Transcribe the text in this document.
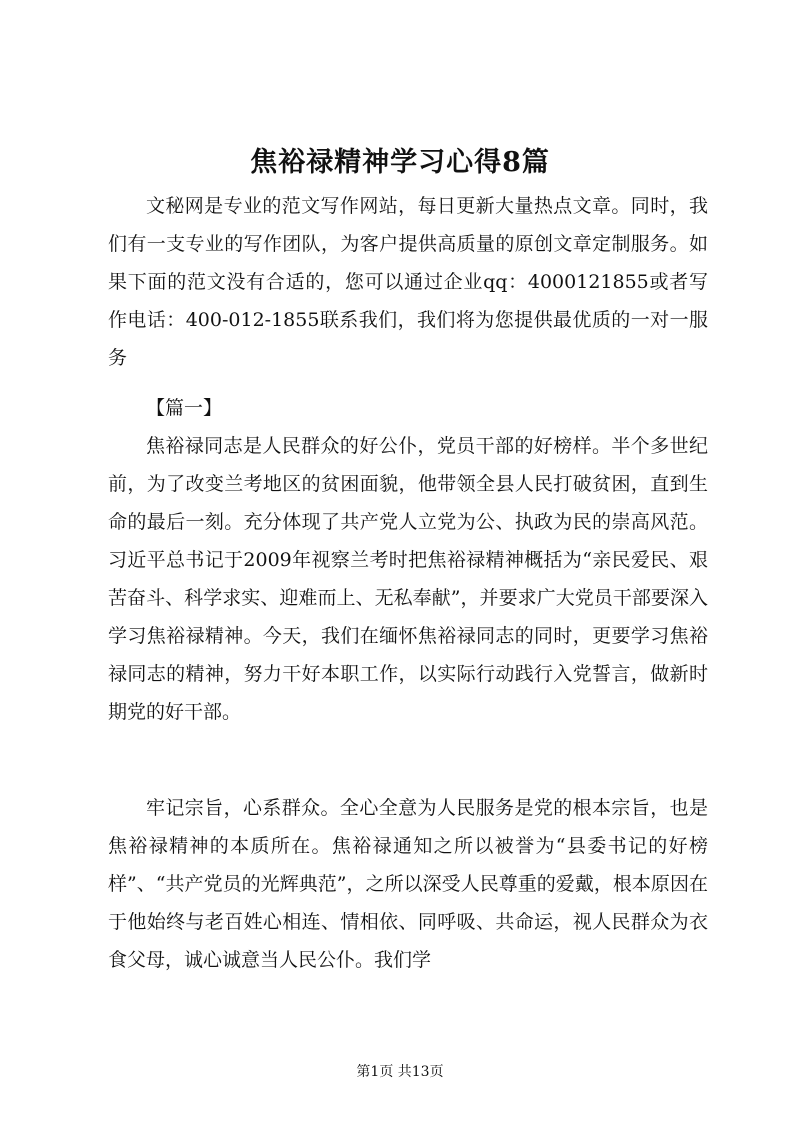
焦裕禄精神学习心得8篇

文秘网是专业的范文写作网站，每日更新大量热点文章。同时，我们有一支专业的写作团队，为客户提供高质量的原创文章定制服务。如果下面的范文没有合适的，您可以通过企业qq：4000121855或者写作电话：400-012-1855联系我们，我们将为您提供最优质的一对一服务

【篇一】

焦裕禄同志是人民群众的好公仆，党员干部的好榜样。半个多世纪前，为了改变兰考地区的贫困面貌，他带领全县人民打破贫困，直到生命的最后一刻。充分体现了共产党人立党为公、执政为民的崇高风范。习近平总书记于2009年视察兰考时把焦裕禄精神概括为“亲民爱民、艰苦奋斗、科学求实、迎难而上、无私奉献”，并要求广大党员干部要深入学习焦裕禄精神。今天，我们在缅怀焦裕禄同志的同时，更要学习焦裕禄同志的精神，努力干好本职工作，以实际行动践行入党誓言，做新时期党的好干部。

牢记宗旨，心系群众。全心全意为人民服务是党的根本宗旨，也是焦裕禄精神的本质所在。焦裕禄通知之所以被誉为“县委书记的好榜样”、“共产党员的光辉典范”，之所以深受人民尊重的爱戴，根本原因在于他始终与老百姓心相连、情相依、同呼吸、共命运，视人民群众为衣食父母，诚心诚意当人民公仆。我们学

第1页 共13页
